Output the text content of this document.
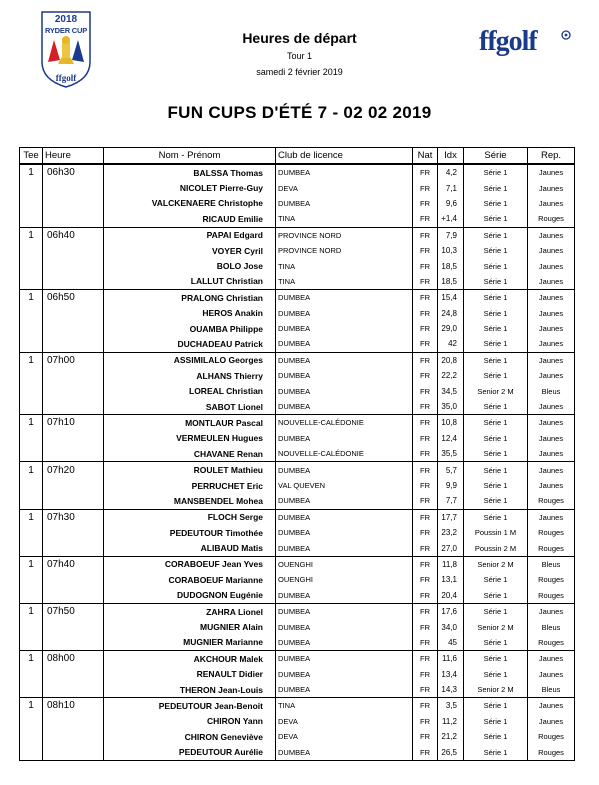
2018
RYDER CUP
ffgolf
ffgolf
Heures de départ
Tour 1
samedi 2 février 2019
FUN CUPS D'ÉTÉ 7 - 02 02 2019
Tee	Heure	Nom - Prénom	Club de licence	Nat	Idx	Série	Rep.
1	06h30	BALSSA Thomas	DUMBEA	FR	4,2	Série 1	Jaunes
		NICOLET Pierre-Guy	DEVA	FR	7,1	Série 1	Jaunes
		VALCKENAERE Christophe	DUMBEA	FR	9,6	Série 1	Jaunes
		RICAUD Emilie	TINA	FR	+1,4	Série 1	Rouges
1	06h40	PAPAI Edgard	PROVINCE NORD	FR	7,9	Série 1	Jaunes
		VOYER Cyril	PROVINCE NORD	FR	10,3	Série 1	Jaunes
		BOLO Jose	TINA	FR	18,5	Série 1	Jaunes
		LALLUT Christian	TINA	FR	18,5	Série 1	Jaunes
1	06h50	PRALONG Christian	DUMBEA	FR	15,4	Série 1	Jaunes
		HEROS Anakin	DUMBEA	FR	24,8	Série 1	Jaunes
		OUAMBA Philippe	DUMBEA	FR	29,0	Série 1	Jaunes
		DUCHADEAU Patrick	DUMBEA	FR	42	Série 1	Jaunes
1	07h00	ASSIMILALO Georges	DUMBEA	FR	20,8	Série 1	Jaunes
		ALHANS Thierry	DUMBEA	FR	22,2	Série 1	Jaunes
		LOREAL Christian	DUMBEA	FR	34,5	Senior 2 M	Bleus
		SABOT Lionel	DUMBEA	FR	35,0	Série 1	Jaunes
1	07h10	MONTLAUR Pascal	NOUVELLE-CALÉDONIE	FR	10,8	Série 1	Jaunes
		VERMEULEN Hugues	DUMBEA	FR	12,4	Série 1	Jaunes
		CHAVANE Renan	NOUVELLE-CALÉDONIE	FR	35,5	Série 1	Jaunes
1	07h20	ROULET Mathieu	DUMBEA	FR	5,7	Série 1	Jaunes
		PERRUCHET Eric	VAL QUEVEN	FR	9,9	Série 1	Jaunes
		MANSBENDEL Mohea	DUMBEA	FR	7,7	Série 1	Rouges
1	07h30	FLOCH Serge	DUMBEA	FR	17,7	Série 1	Jaunes
		PEDEUTOUR Timothée	DUMBEA	FR	23,2	Poussin 1 M	Rouges
		ALIBAUD Matis	DUMBEA	FR	27,0	Poussin 2 M	Rouges
1	07h40	CORABOEUF Jean Yves	OUENGHI	FR	11,8	Senior 2 M	Bleus
		CORABOEUF Marianne	OUENGHI	FR	13,1	Série 1	Rouges
		DUDOGNON Eugénie	DUMBEA	FR	20,4	Série 1	Rouges
1	07h50	ZAHRA Lionel	DUMBEA	FR	17,6	Série 1	Jaunes
		MUGNIER Alain	DUMBEA	FR	34,0	Senior 2 M	Bleus
		MUGNIER Marianne	DUMBEA	FR	45	Série 1	Rouges
1	08h00	AKCHOUR Malek	DUMBEA	FR	11,6	Série 1	Jaunes
		RENAULT Didier	DUMBEA	FR	13,4	Série 1	Jaunes
		THERON Jean-Louis	DUMBEA	FR	14,3	Senior 2 M	Bleus
1	08h10	PEDEUTOUR Jean-Benoit	TINA	FR	3,5	Série 1	Jaunes
		CHIRON Yann	DEVA	FR	11,2	Série 1	Jaunes
		CHIRON Geneviève	DEVA	FR	21,2	Série 1	Rouges
		PEDEUTOUR Aurélie	DUMBEA	FR	26,5	Série 1	Rouges
